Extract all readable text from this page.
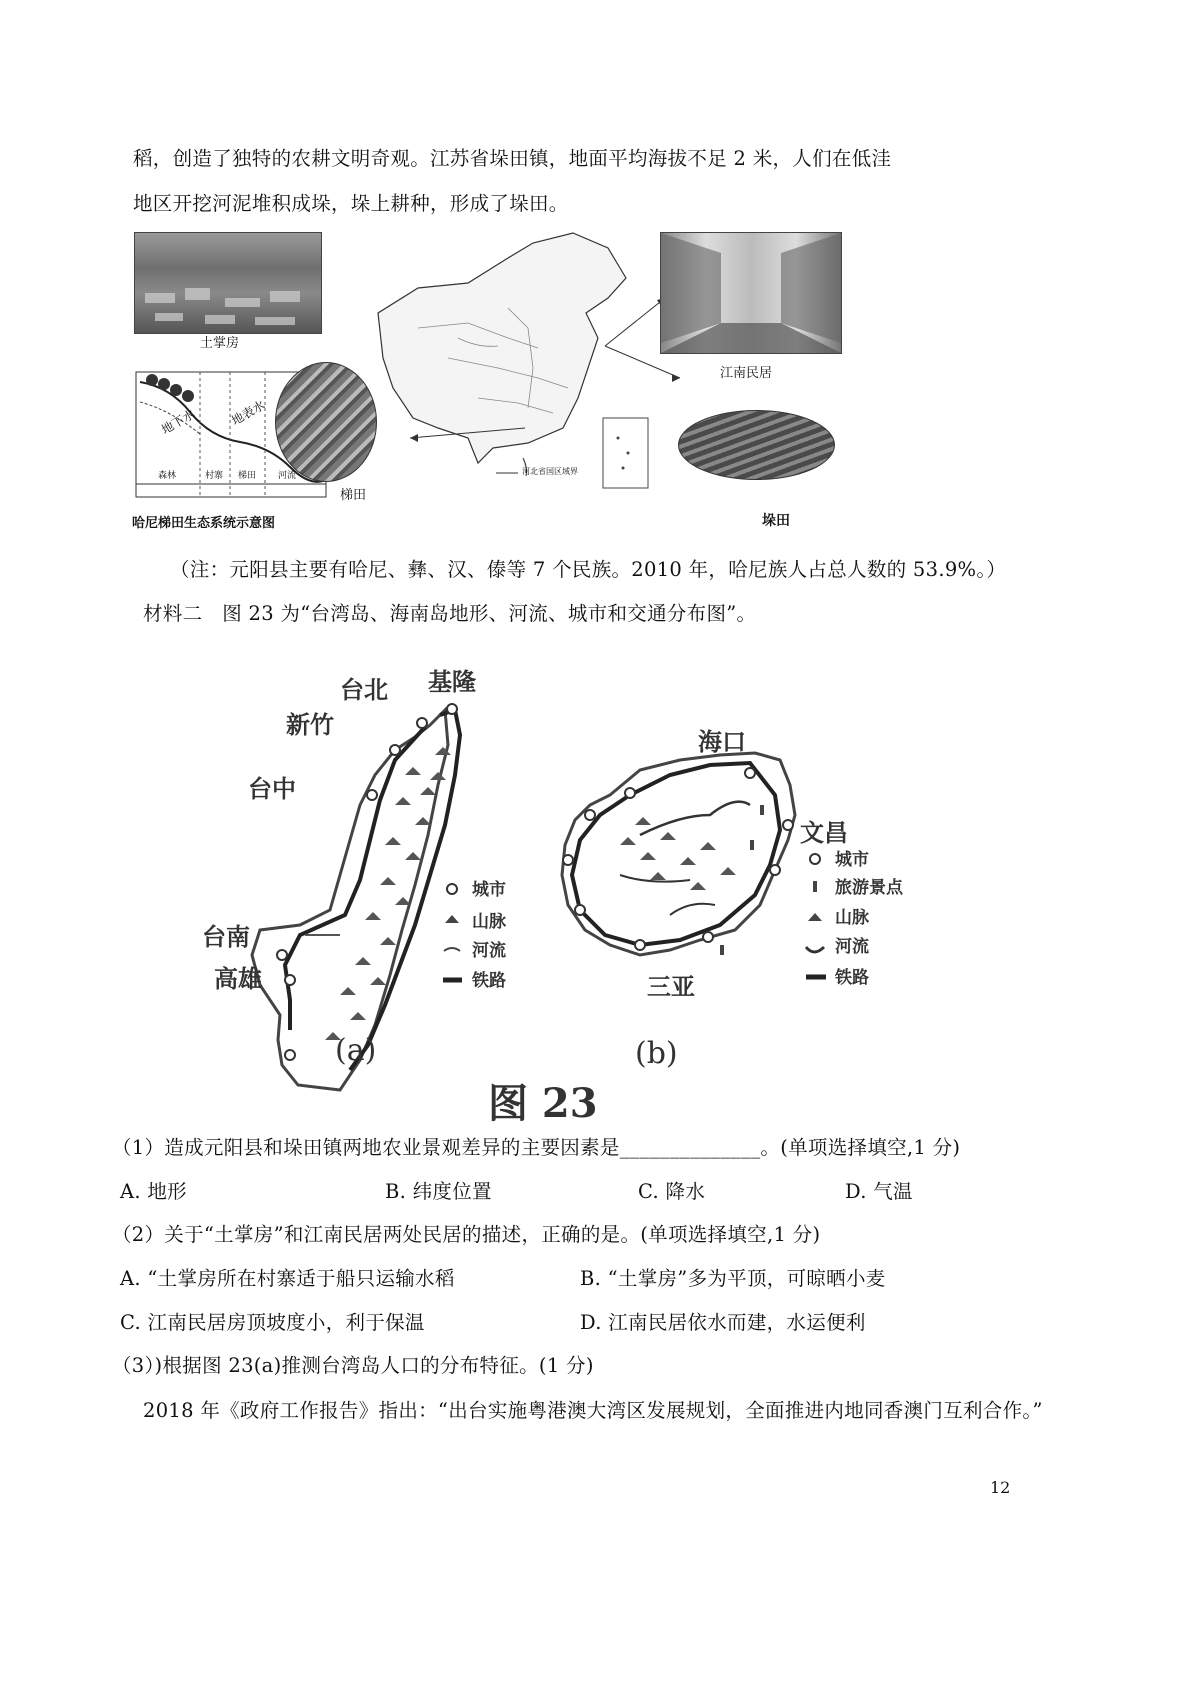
稻，创造了独特的农耕文明奇观。江苏省垛田镇，地面平均海拔不足 2 米，人们在低洼
地区开挖河泥堆积成垛，垛上耕种，形成了垛田。
土掌房
森林	村寨 梯田 河流
地下水	地表水
哈尼梯田生态系统示意图
梯田
河北省国区域界
江南民居
垛田
（注：元阳县主要有哈尼、彝、汉、傣等 7 个民族。2010 年，哈尼族人占总人数的 53.9%。）
材料二　图 23 为“台湾岛、海南岛地形、河流、城市和交通分布图”。
台北 基隆
新竹
台中
台南
高雄
城市
山脉
河流
铁路
海口
文昌
三亚
城市
旅游景点
山脉
河流
铁路
(a)	(b)
图 23
（1）造成元阳县和垛田镇两地农业景观差异的主要因素是______________。(单项选择填空,1 分)
A. 地形	B. 纬度位置	C. 降水	D. 气温
（2）关于“土掌房”和江南民居两处民居的描述，正确的是。(单项选择填空,1 分)
A. “土掌房所在村寨适于船只运输水稻	B. “土掌房”多为平顶，可晾晒小麦
C. 江南民居房顶坡度小，利于保温	D. 江南民居依水而建，水运便利
（3）)根据图 23(a)推测台湾岛人口的分布特征。(1 分)
2018 年《政府工作报告》指出：“出台实施粤港澳大湾区发展规划，全面推进内地同香澳门互利合作。”
12
